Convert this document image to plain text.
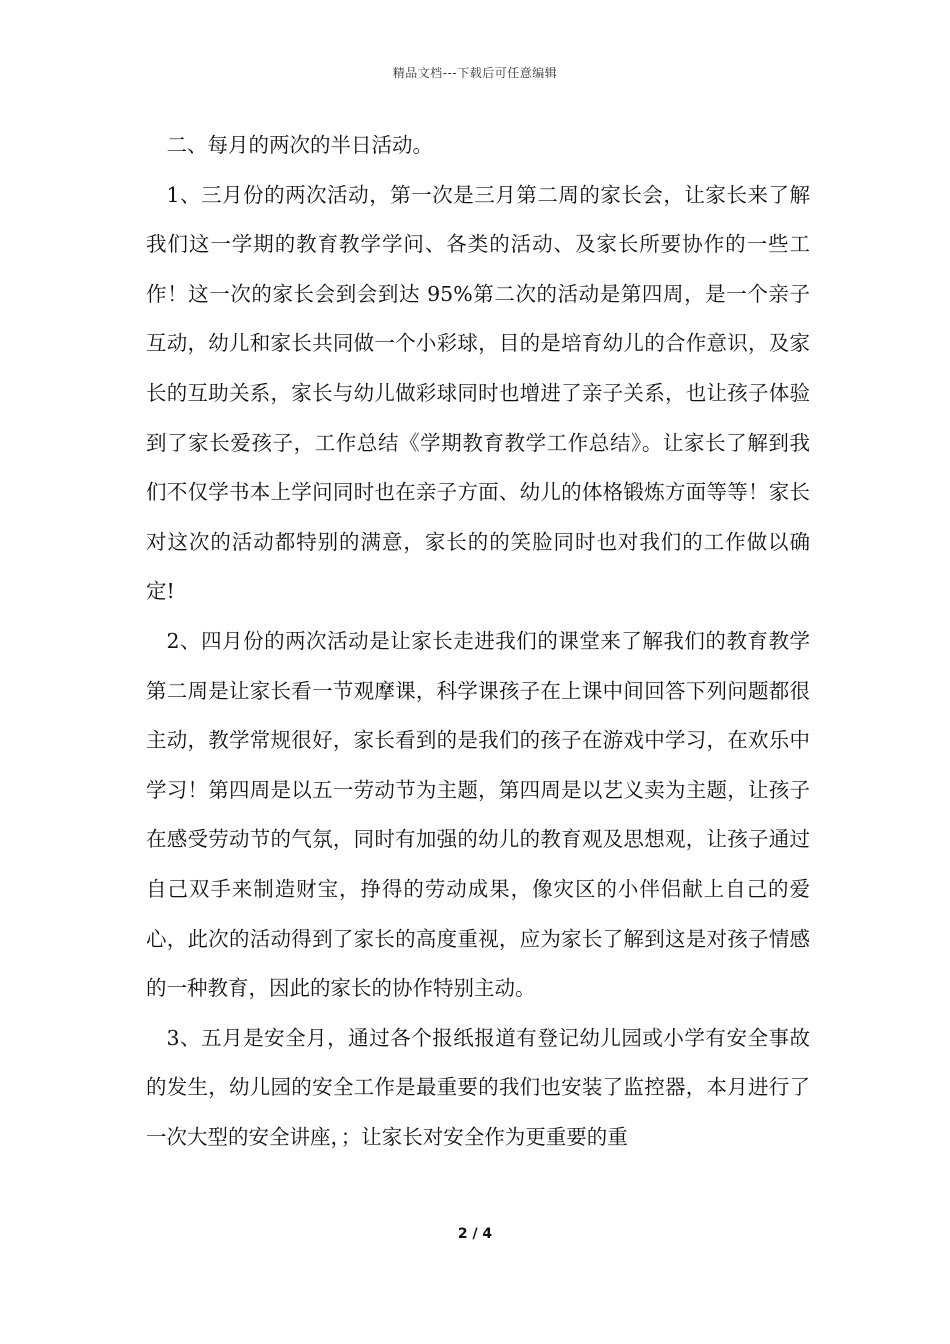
精品文档---下载后可任意编辑

二、每月的两次的半日活动。

1、三月份的两次活动，第一次是三月第二周的家长会，让家长来了解我们这一学期的教育教学学问、各类的活动、及家长所要协作的一些工作！这一次的家长会到会到达 95%第二次的活动是第四周，是一个亲子互动，幼儿和家长共同做一个小彩球，目的是培育幼儿的合作意识，及家长的互助关系，家长与幼儿做彩球同时也增进了亲子关系，也让孩子体验到了家长爱孩子，工作总结《学期教育教学工作总结》。让家长了解到我们不仅学书本上学问同时也在亲子方面、幼儿的体格锻炼方面等等！家长对这次的活动都特别的满意，家长的的笑脸同时也对我们的工作做以确定!

2、四月份的两次活动是让家长走进我们的课堂来了解我们的教育教学第二周是让家长看一节观摩课，科学课孩子在上课中间回答下列问题都很主动，教学常规很好，家长看到的是我们的孩子在游戏中学习，在欢乐中学习！第四周是以五一劳动节为主题，第四周是以艺义卖为主题，让孩子在感受劳动节的气氛，同时有加强的幼儿的教育观及思想观，让孩子通过自己双手来制造财宝，挣得的劳动成果，像灾区的小伴侣献上自己的爱心，此次的活动得到了家长的高度重视，应为家长了解到这是对孩子情感的一种教育，因此的家长的协作特别主动。

3、五月是安全月，通过各个报纸报道有登记幼儿园或小学有安全事故的发生，幼儿园的安全工作是最重要的我们也安装了监控器，本月进行了一次大型的安全讲座，；让家长对安全作为更重要的重

2 / 4
